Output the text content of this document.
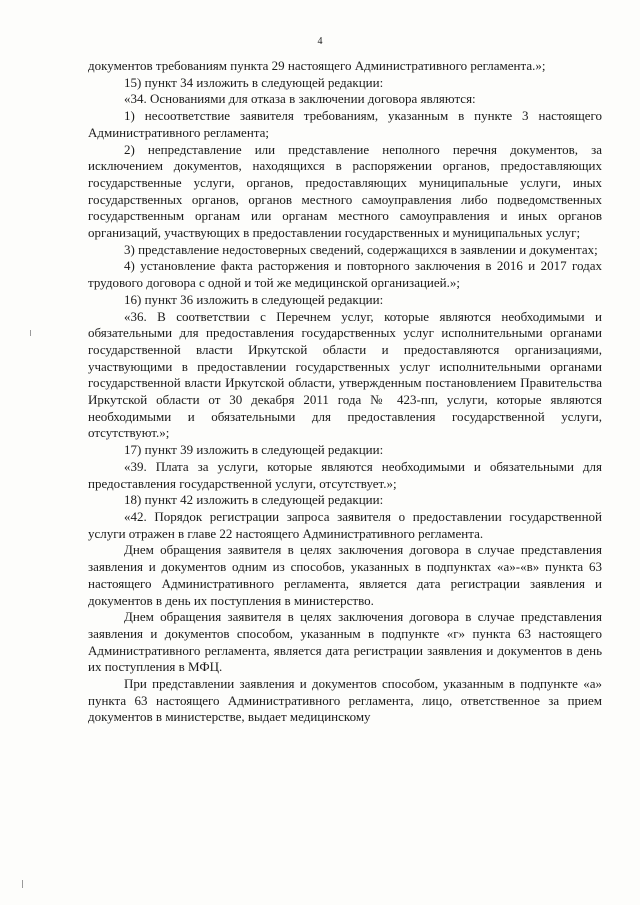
4

документов требованиям пункта 29 настоящего Административного регламента.»;

15) пункт 34 изложить в следующей редакции:

«34. Основаниями для отказа в заключении договора являются:

1) несоответствие заявителя требованиям, указанным в пункте 3 настоящего Административного регламента;

2) непредставление или представление неполного перечня документов, за исключением документов, находящихся в распоряжении органов, предоставляющих государственные услуги, органов, предоставляющих муниципальные услуги, иных государственных органов, органов местного самоуправления либо подведомственных государственным органам или органам местного самоуправления и иных органов организаций, участвующих в предоставлении государственных и муниципальных услуг;

3) представление недостоверных сведений, содержащихся в заявлении и документах;

4) установление факта расторжения и повторного заключения в 2016 и 2017 годах трудового договора с одной и той же медицинской организацией.»;

16) пункт 36 изложить в следующей редакции:

«36. В соответствии с Перечнем услуг, которые являются необходимыми и обязательными для предоставления государственных услуг исполнительными органами государственной власти Иркутской области и предоставляются организациями, участвующими в предоставлении государственных услуг исполнительными органами государственной власти Иркутской области, утвержденным постановлением Правительства Иркутской области от 30 декабря 2011 года № 423-пп, услуги, которые являются необходимыми и обязательными для предоставления государственной услуги, отсутствуют.»;

17) пункт 39 изложить в следующей редакции:

«39. Плата за услуги, которые являются необходимыми и обязательными для предоставления государственной услуги, отсутствует.»;

18) пункт 42 изложить в следующей редакции:

«42. Порядок регистрации запроса заявителя о предоставлении государственной услуги отражен в главе 22 настоящего Административного регламента.

Днем обращения заявителя в целях заключения договора в случае представления заявления и документов одним из способов, указанных в подпунктах «а»-«в» пункта 63 настоящего Административного регламента, является дата регистрации заявления и документов в день их поступления в министерство.

Днем обращения заявителя в целях заключения договора в случае представления заявления и документов способом, указанным в подпункте «г» пункта 63 настоящего Административного регламента, является дата регистрации заявления и документов в день их поступления в МФЦ.

При представлении заявления и документов способом, указанным в подпункте «а» пункта 63 настоящего Административного регламента, лицо, ответственное за прием документов в министерстве, выдает медицинскому
